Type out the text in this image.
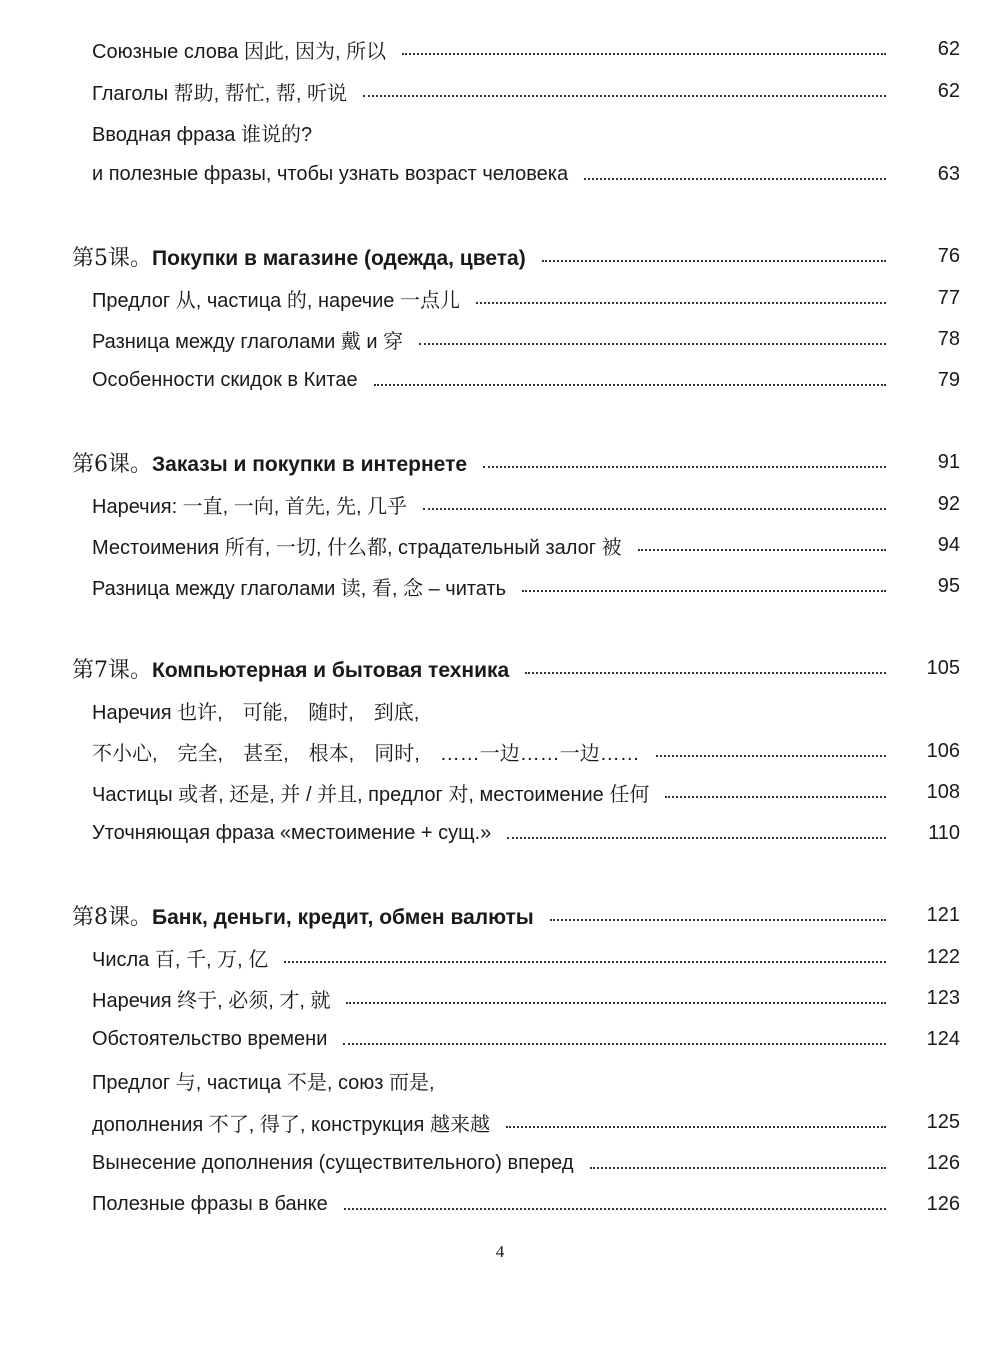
Союзные слова 因此, 因为, 所以	62
Глаголы 帮助, 帮忙, 帮, 听说	62
Вводная фраза 谁说的?
и полезные фразы, чтобы узнать возраст человека	63
第5课。Покупки в магазине (одежда, цвета)	76
Предлог 从, частица 的, наречие 一点儿	77
Разница между глаголами 戴 и 穿	78
Особенности скидок в Китае	79
第6课。Заказы и покупки в интернете	91
Наречия: 一直, 一向, 首先, 先, 几乎	92
Местоимения 所有, 一切, 什么都, страдательный залог 被	94
Разница между глаголами 读, 看, 念 – читать	95
第7课。Компьютерная и бытовая техника	105
Наречия 也许,　可能,　随时,　到底,
不小心,　完全,　甚至,　根本,　同时,　……一边……一边……	106
Частицы 或者, 还是, 并 / 并且, предлог 对, местоимение 任何	108
Уточняющая фраза «местоимение + сущ.»	110
第8课。Банк, деньги, кредит, обмен валюты	121
Числа 百, 千, 万, 亿	122
Наречия 终于, 必须, 才, 就	123
Обстоятельство времени	124
Предлог 与, частица 不是, союз 而是,
дополнения 不了, 得了, конструкция 越来越	125
Вынесение дополнения (существительного) вперед	126
Полезные фразы в банке	126
4
